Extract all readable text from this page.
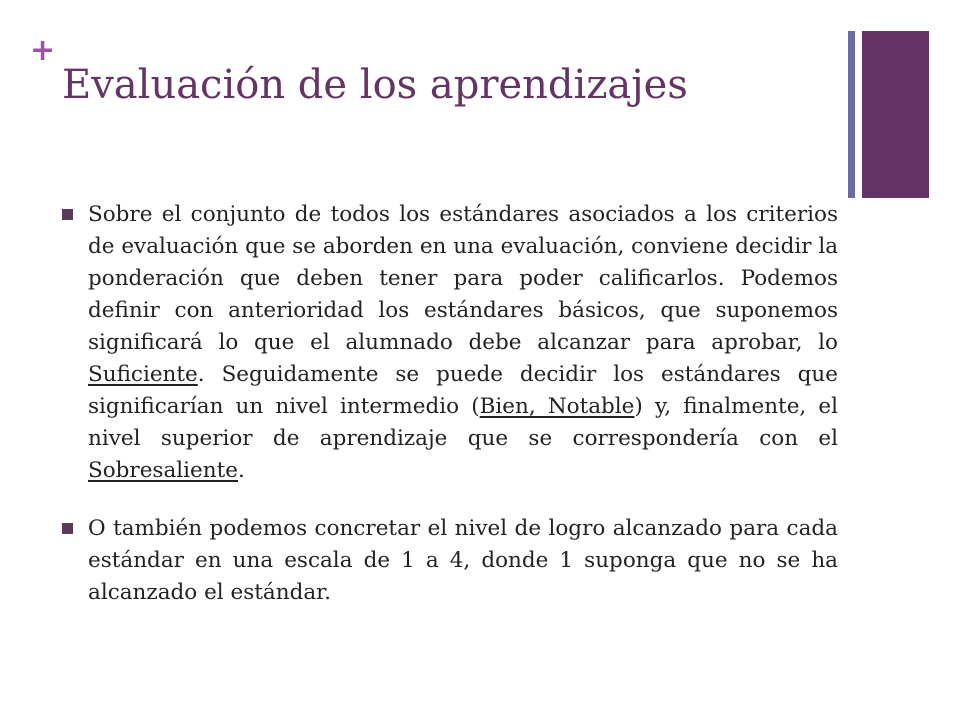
+
Evaluación de los aprendizajes
Sobre el conjunto de todos los estándares asociados a los criterios de evaluación que se aborden en una evaluación, conviene decidir la ponderación que deben tener para poder calificarlos. Podemos definir con anterioridad los estándares básicos, que suponemos significará lo que el alumnado debe alcanzar para aprobar, lo Suficiente. Seguidamente se puede decidir los estándares que significarían un nivel intermedio (Bien, Notable) y, finalmente, el nivel superior de aprendizaje que se correspondería con el Sobresaliente.
O también podemos concretar el nivel de logro alcanzado para cada estándar en una escala de 1 a 4, donde 1 suponga que no se ha alcanzado el estándar.
